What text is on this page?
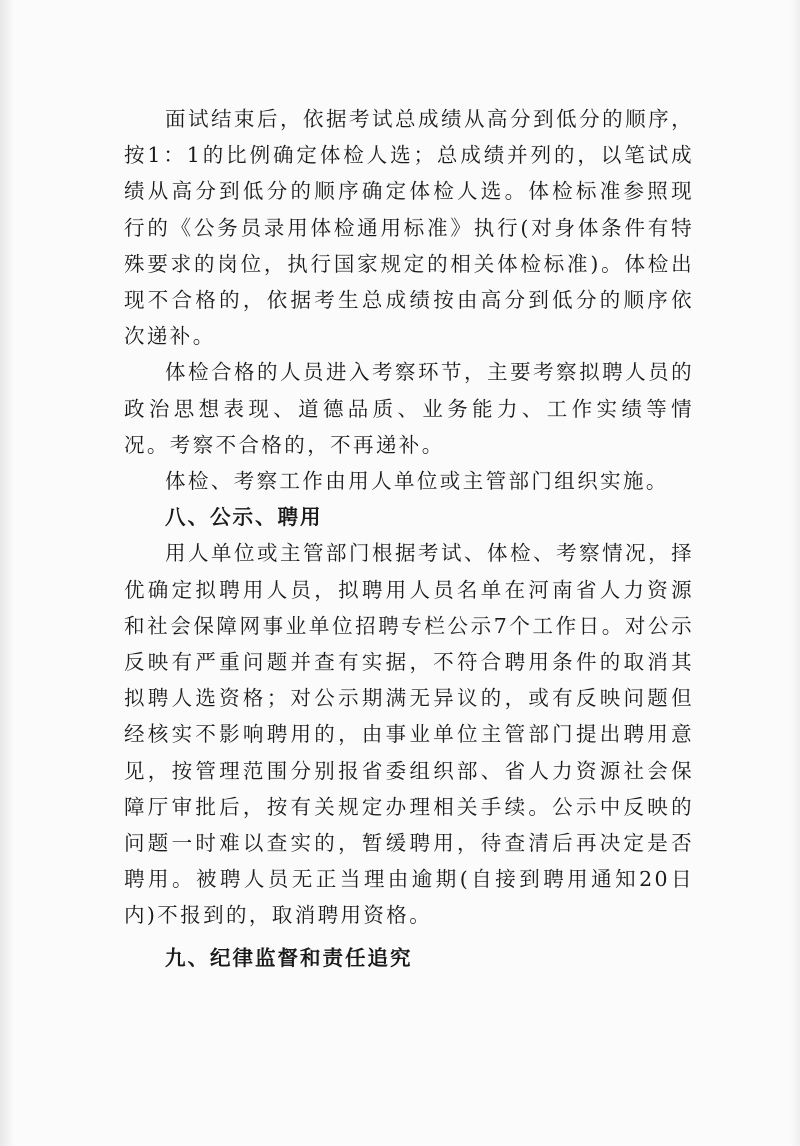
面试结束后，依据考试总成绩从高分到低分的顺序，按1：1的比例确定体检人选；总成绩并列的，以笔试成绩从高分到低分的顺序确定体检人选。体检标准参照现行的《公务员录用体检通用标准》执行(对身体条件有特殊要求的岗位，执行国家规定的相关体检标准)。体检出现不合格的，依据考生总成绩按由高分到低分的顺序依次递补。

体检合格的人员进入考察环节，主要考察拟聘人员的政治思想表现、道德品质、业务能力、工作实绩等情况。考察不合格的，不再递补。

体检、考察工作由用人单位或主管部门组织实施。

八、公示、聘用

用人单位或主管部门根据考试、体检、考察情况，择优确定拟聘用人员，拟聘用人员名单在河南省人力资源和社会保障网事业单位招聘专栏公示7个工作日。对公示反映有严重问题并查有实据，不符合聘用条件的取消其拟聘人选资格；对公示期满无异议的，或有反映问题但经核实不影响聘用的，由事业单位主管部门提出聘用意见，按管理范围分别报省委组织部、省人力资源社会保障厅审批后，按有关规定办理相关手续。公示中反映的问题一时难以查实的，暂缓聘用，待查清后再决定是否聘用。被聘人员无正当理由逾期(自接到聘用通知20日内)不报到的，取消聘用资格。

九、纪律监督和责任追究
